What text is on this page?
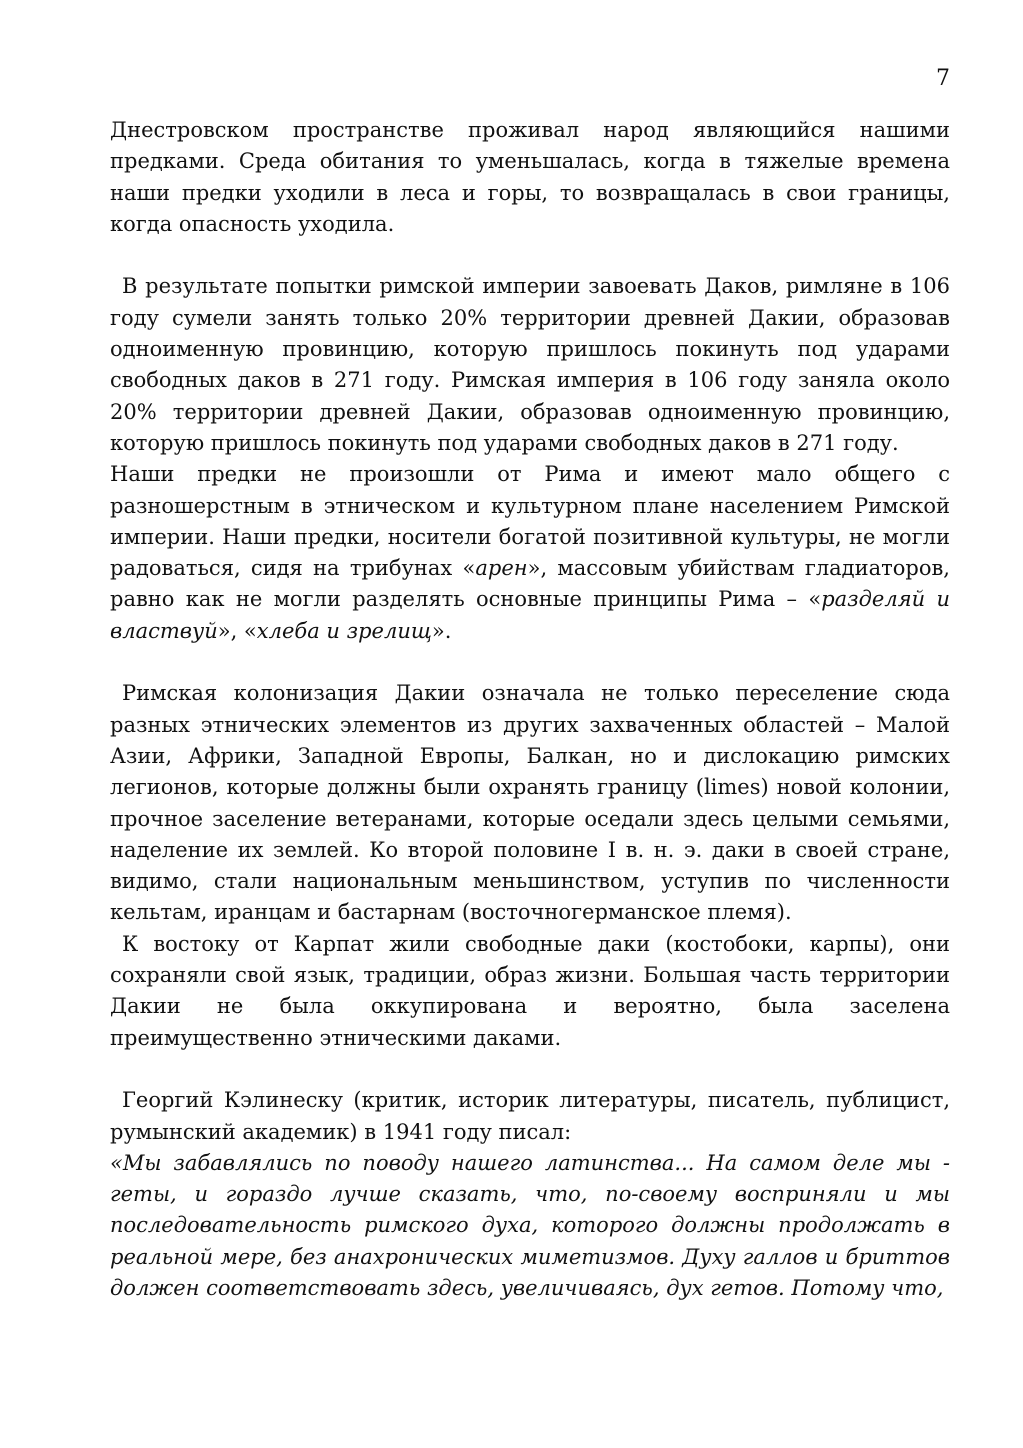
7

Днестровском пространстве проживал народ являющийся нашими предками. Среда обитания то уменьшалась, когда в тяжелые времена наши предки уходили в леса и горы, то возвращалась в свои границы, когда опасность уходила.

В результате попытки римской империи завоевать Даков, римляне в 106 году сумели занять только 20% территории древней Дакии, образовав одноименную провинцию, которую пришлось покинуть под ударами свободных даков в 271 году. Римская империя в 106 году заняла около 20% территории древней Дакии, образовав одноименную провинцию, которую пришлось покинуть под ударами свободных даков в 271 году.

Наши предки не произошли от Рима и имеют мало общего с разношерстным в этническом и культурном плане населением Римской империи. Наши предки, носители богатой позитивной культуры, не могли радоваться, сидя на трибунах «арен», массовым убийствам гладиаторов, равно как не могли разделять основные принципы Рима – «разделяй и властвуй», «хлеба и зрелищ».

Римская колонизация Дакии означала не только переселение сюда разных этнических элементов из других захваченных областей – Малой Азии, Африки, Западной Европы, Балкан, но и дислокацию римских легионов, которые должны были охранять границу (limes) новой колонии, прочное заселение ветеранами, которые оседали здесь целыми семьями, наделение их землей. Ко второй половине I в. н. э. даки в своей стране, видимо, стали национальным меньшинством, уступив по численности кельтам, иранцам и бастарнам (восточногерманское племя).

К востоку от Карпат жили свободные даки (костобоки, карпы), они сохраняли свой язык, традиции, образ жизни. Большая часть территории Дакии не была оккупирована и вероятно, была заселена преимущественно этническими даками.

Георгий Кэлинеску (критик, историк литературы, писатель, публицист, румынский академик) в 1941 году писал:

«Мы забавлялись по поводу нашего латинства... На самом деле мы - геты, и гораздо лучше сказать, что, по-своему восприняли и мы последовательность римского духа, которого должны продолжать в реальной мере, без анахронических миметизмов. Духу галлов и бриттов должен соответствовать здесь, увеличиваясь, дух гетов. Потому что,
